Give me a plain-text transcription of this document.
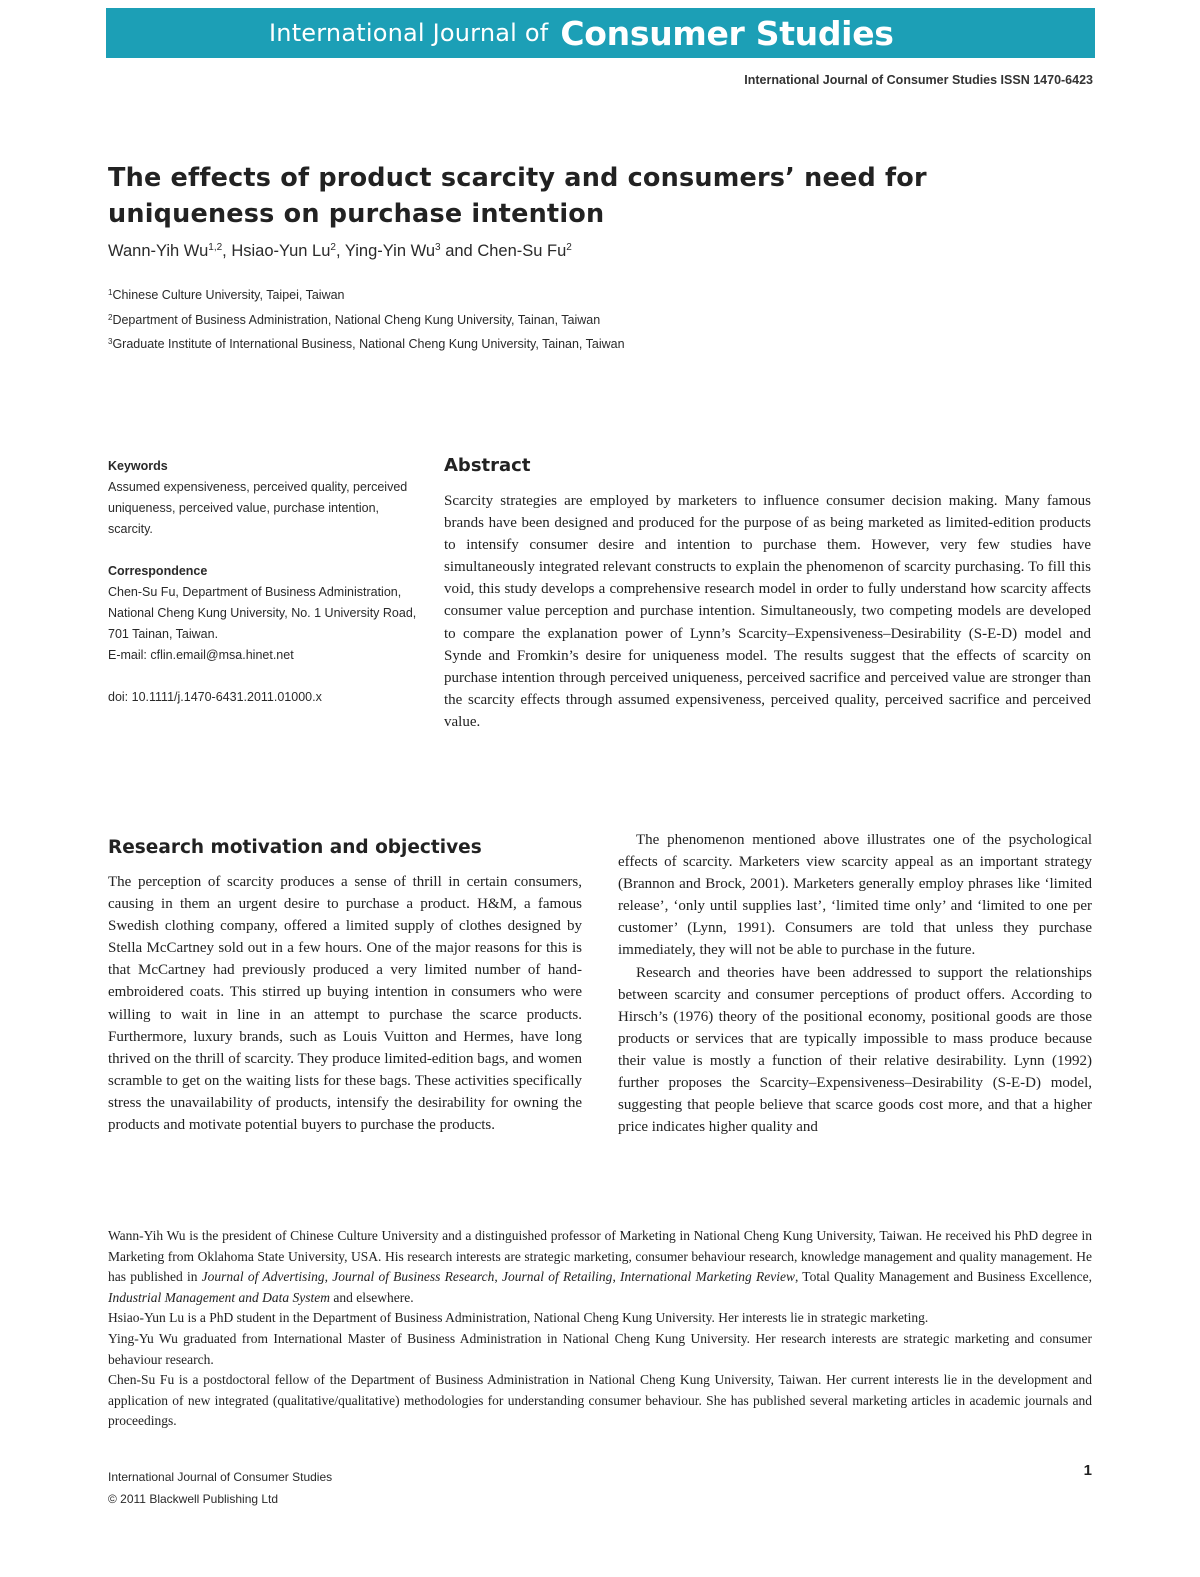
International Journal of Consumer Studies
International Journal of Consumer Studies ISSN 1470-6423
The effects of product scarcity and consumers’ need for uniqueness on purchase intention
Wann-Yih Wu$^{1,2}$, Hsiao-Yun Lu$^2$, Ying-Yin Wu$^3$ and Chen-Su Fu$^2$
$^1$Chinese Culture University, Taipei, Taiwan
$^2$Department of Business Administration, National Cheng Kung University, Tainan, Taiwan
$^3$Graduate Institute of International Business, National Cheng Kung University, Tainan, Taiwan
Keywords
Assumed expensiveness, perceived quality, perceived uniqueness, perceived value, purchase intention, scarcity.
Correspondence
Chen-Su Fu, Department of Business Administration, National Cheng Kung University, No. 1 University Road, 701 Tainan, Taiwan.
E-mail: cflin.email@msa.hinet.net
doi: 10.1111/j.1470-6431.2011.01000.x
Abstract

Scarcity strategies are employed by marketers to influence consumer decision making. Many famous brands have been designed and produced for the purpose of as being marketed as limited-edition products to intensify consumer desire and intention to purchase them. However, very few studies have simultaneously integrated relevant constructs to explain the phenomenon of scarcity purchasing. To fill this void, this study develops a comprehensive research model in order to fully understand how scarcity affects consumer value perception and purchase intention. Simultaneously, two competing models are developed to compare the explanation power of Lynn’s Scarcity–Expensiveness–Desirability (S-E-D) model and Synde and Fromkin’s desire for uniqueness model. The results suggest that the effects of scarcity on purchase intention through perceived uniqueness, perceived sacrifice and perceived value are stronger than the scarcity effects through assumed expensiveness, perceived quality, perceived sacrifice and perceived value.

Research motivation and objectives

The perception of scarcity produces a sense of thrill in certain consumers, causing in them an urgent desire to purchase a product. H&M, a famous Swedish clothing company, offered a limited supply of clothes designed by Stella McCartney sold out in a few hours. One of the major reasons for this is that McCartney had previously produced a very limited number of hand-embroidered coats. This stirred up buying intention in consumers who were willing to wait in line in an attempt to purchase the scarce products. Furthermore, luxury brands, such as Louis Vuitton and Hermes, have long thrived on the thrill of scarcity. They produce limited-edition bags, and women scramble to get on the waiting lists for these bags. These activities specifically stress the unavailability of products, intensify the desirability for owning the products and motivate potential buyers to purchase the products.

The phenomenon mentioned above illustrates one of the psychological effects of scarcity. Marketers view scarcity appeal as an important strategy (Brannon and Brock, 2001). Marketers generally employ phrases like ‘limited release’, ‘only until supplies last’, ‘limited time only’ and ‘limited to one per customer’ (Lynn, 1991). Consumers are told that unless they purchase immediately, they will not be able to purchase in the future.

Research and theories have been addressed to support the relationships between scarcity and consumer perceptions of product offers. According to Hirsch’s (1976) theory of the positional economy, positional goods are those products or services that are typically impossible to mass produce because their value is mostly a function of their relative desirability. Lynn (1992) further proposes the Scarcity–Expensiveness–Desirability (S-E-D) model, suggesting that people believe that scarce goods cost more, and that a higher price indicates higher quality and

Wann-Yih Wu is the president of Chinese Culture University and a distinguished professor of Marketing in National Cheng Kung University, Taiwan. He received his PhD degree in Marketing from Oklahoma State University, USA. His research interests are strategic marketing, consumer behaviour research, knowledge management and quality management. He has published in Journal of Advertising, Journal of Business Research, Journal of Retailing, International Marketing Review, Total Quality Management and Business Excellence, Industrial Management and Data System and elsewhere.

Hsiao-Yun Lu is a PhD student in the Department of Business Administration, National Cheng Kung University. Her interests lie in strategic marketing.

Ying-Yu Wu graduated from International Master of Business Administration in National Cheng Kung University. Her research interests are strategic marketing and consumer behaviour research.

Chen-Su Fu is a postdoctoral fellow of the Department of Business Administration in National Cheng Kung University, Taiwan. Her current interests lie in the development and application of new integrated (qualitative/qualitative) methodologies for understanding consumer behaviour. She has published several marketing articles in academic journals and proceedings.

International Journal of Consumer Studies
© 2011 Blackwell Publishing Ltd
1
